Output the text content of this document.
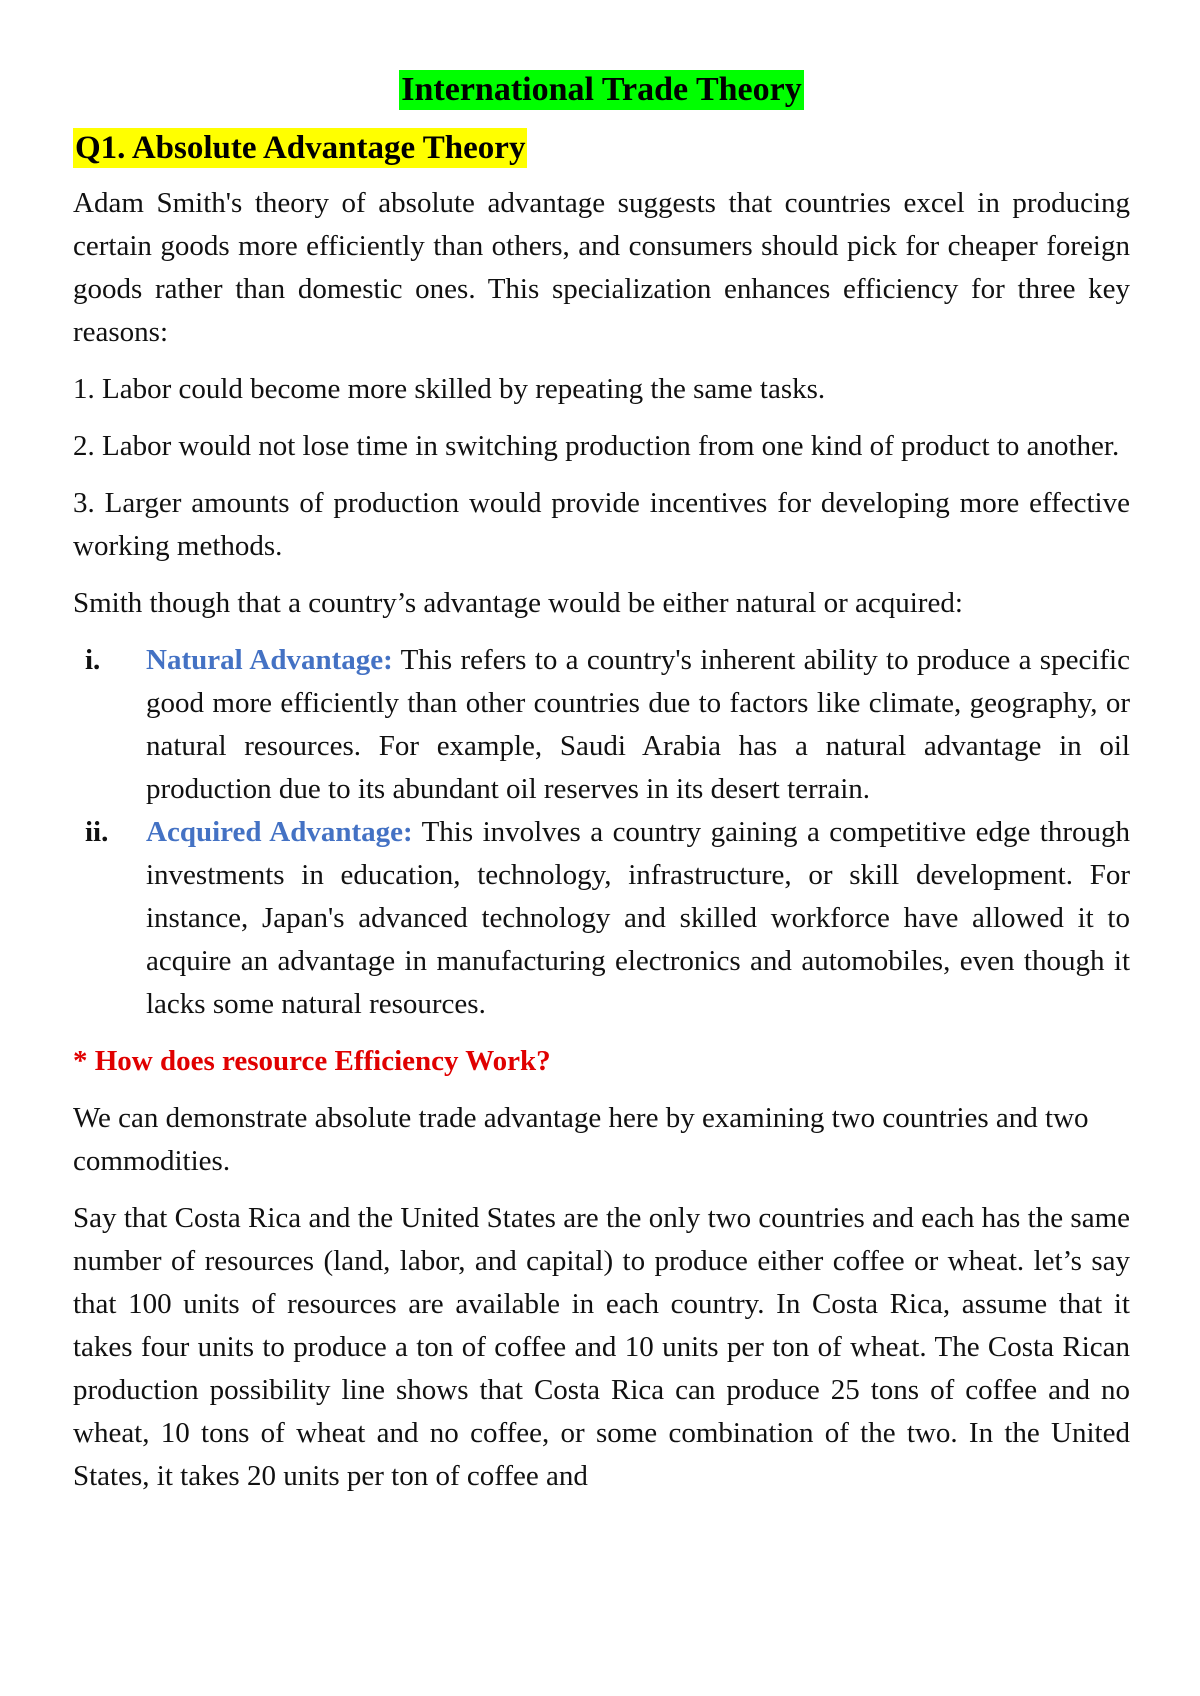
International Trade Theory
Q1. Absolute Advantage Theory

Adam Smith's theory of absolute advantage suggests that countries excel in producing certain goods more efficiently than others, and consumers should pick for cheaper foreign goods rather than domestic ones. This specialization enhances efficiency for three key reasons:

1. Labor could become more skilled by repeating the same tasks.

2. Labor would not lose time in switching production from one kind of product to another.

3. Larger amounts of production would provide incentives for developing more effective working methods.

Smith though that a country’s advantage would be either natural or acquired:

i.	Natural Advantage: This refers to a country's inherent ability to produce a specific good more efficiently than other countries due to factors like climate, geography, or natural resources. For example, Saudi Arabia has a natural advantage in oil production due to its abundant oil reserves in its desert terrain.
ii.	Acquired Advantage: This involves a country gaining a competitive edge through investments in education, technology, infrastructure, or skill development. For instance, Japan's advanced technology and skilled workforce have allowed it to acquire an advantage in manufacturing electronics and automobiles, even though it lacks some natural resources.

* How does resource Efficiency Work?

We can demonstrate absolute trade advantage here by examining two countries and two commodities.

Say that Costa Rica and the United States are the only two countries and each has the same number of resources (land, labor, and capital) to produce either coffee or wheat. let’s say that 100 units of resources are available in each country. In Costa Rica, assume that it takes four units to produce a ton of coffee and 10 units per ton of wheat. The Costa Rican production possibility line shows that Costa Rica can produce 25 tons of coffee and no wheat, 10 tons of wheat and no coffee, or some combination of the two. In the United States, it takes 20 units per ton of coffee and
